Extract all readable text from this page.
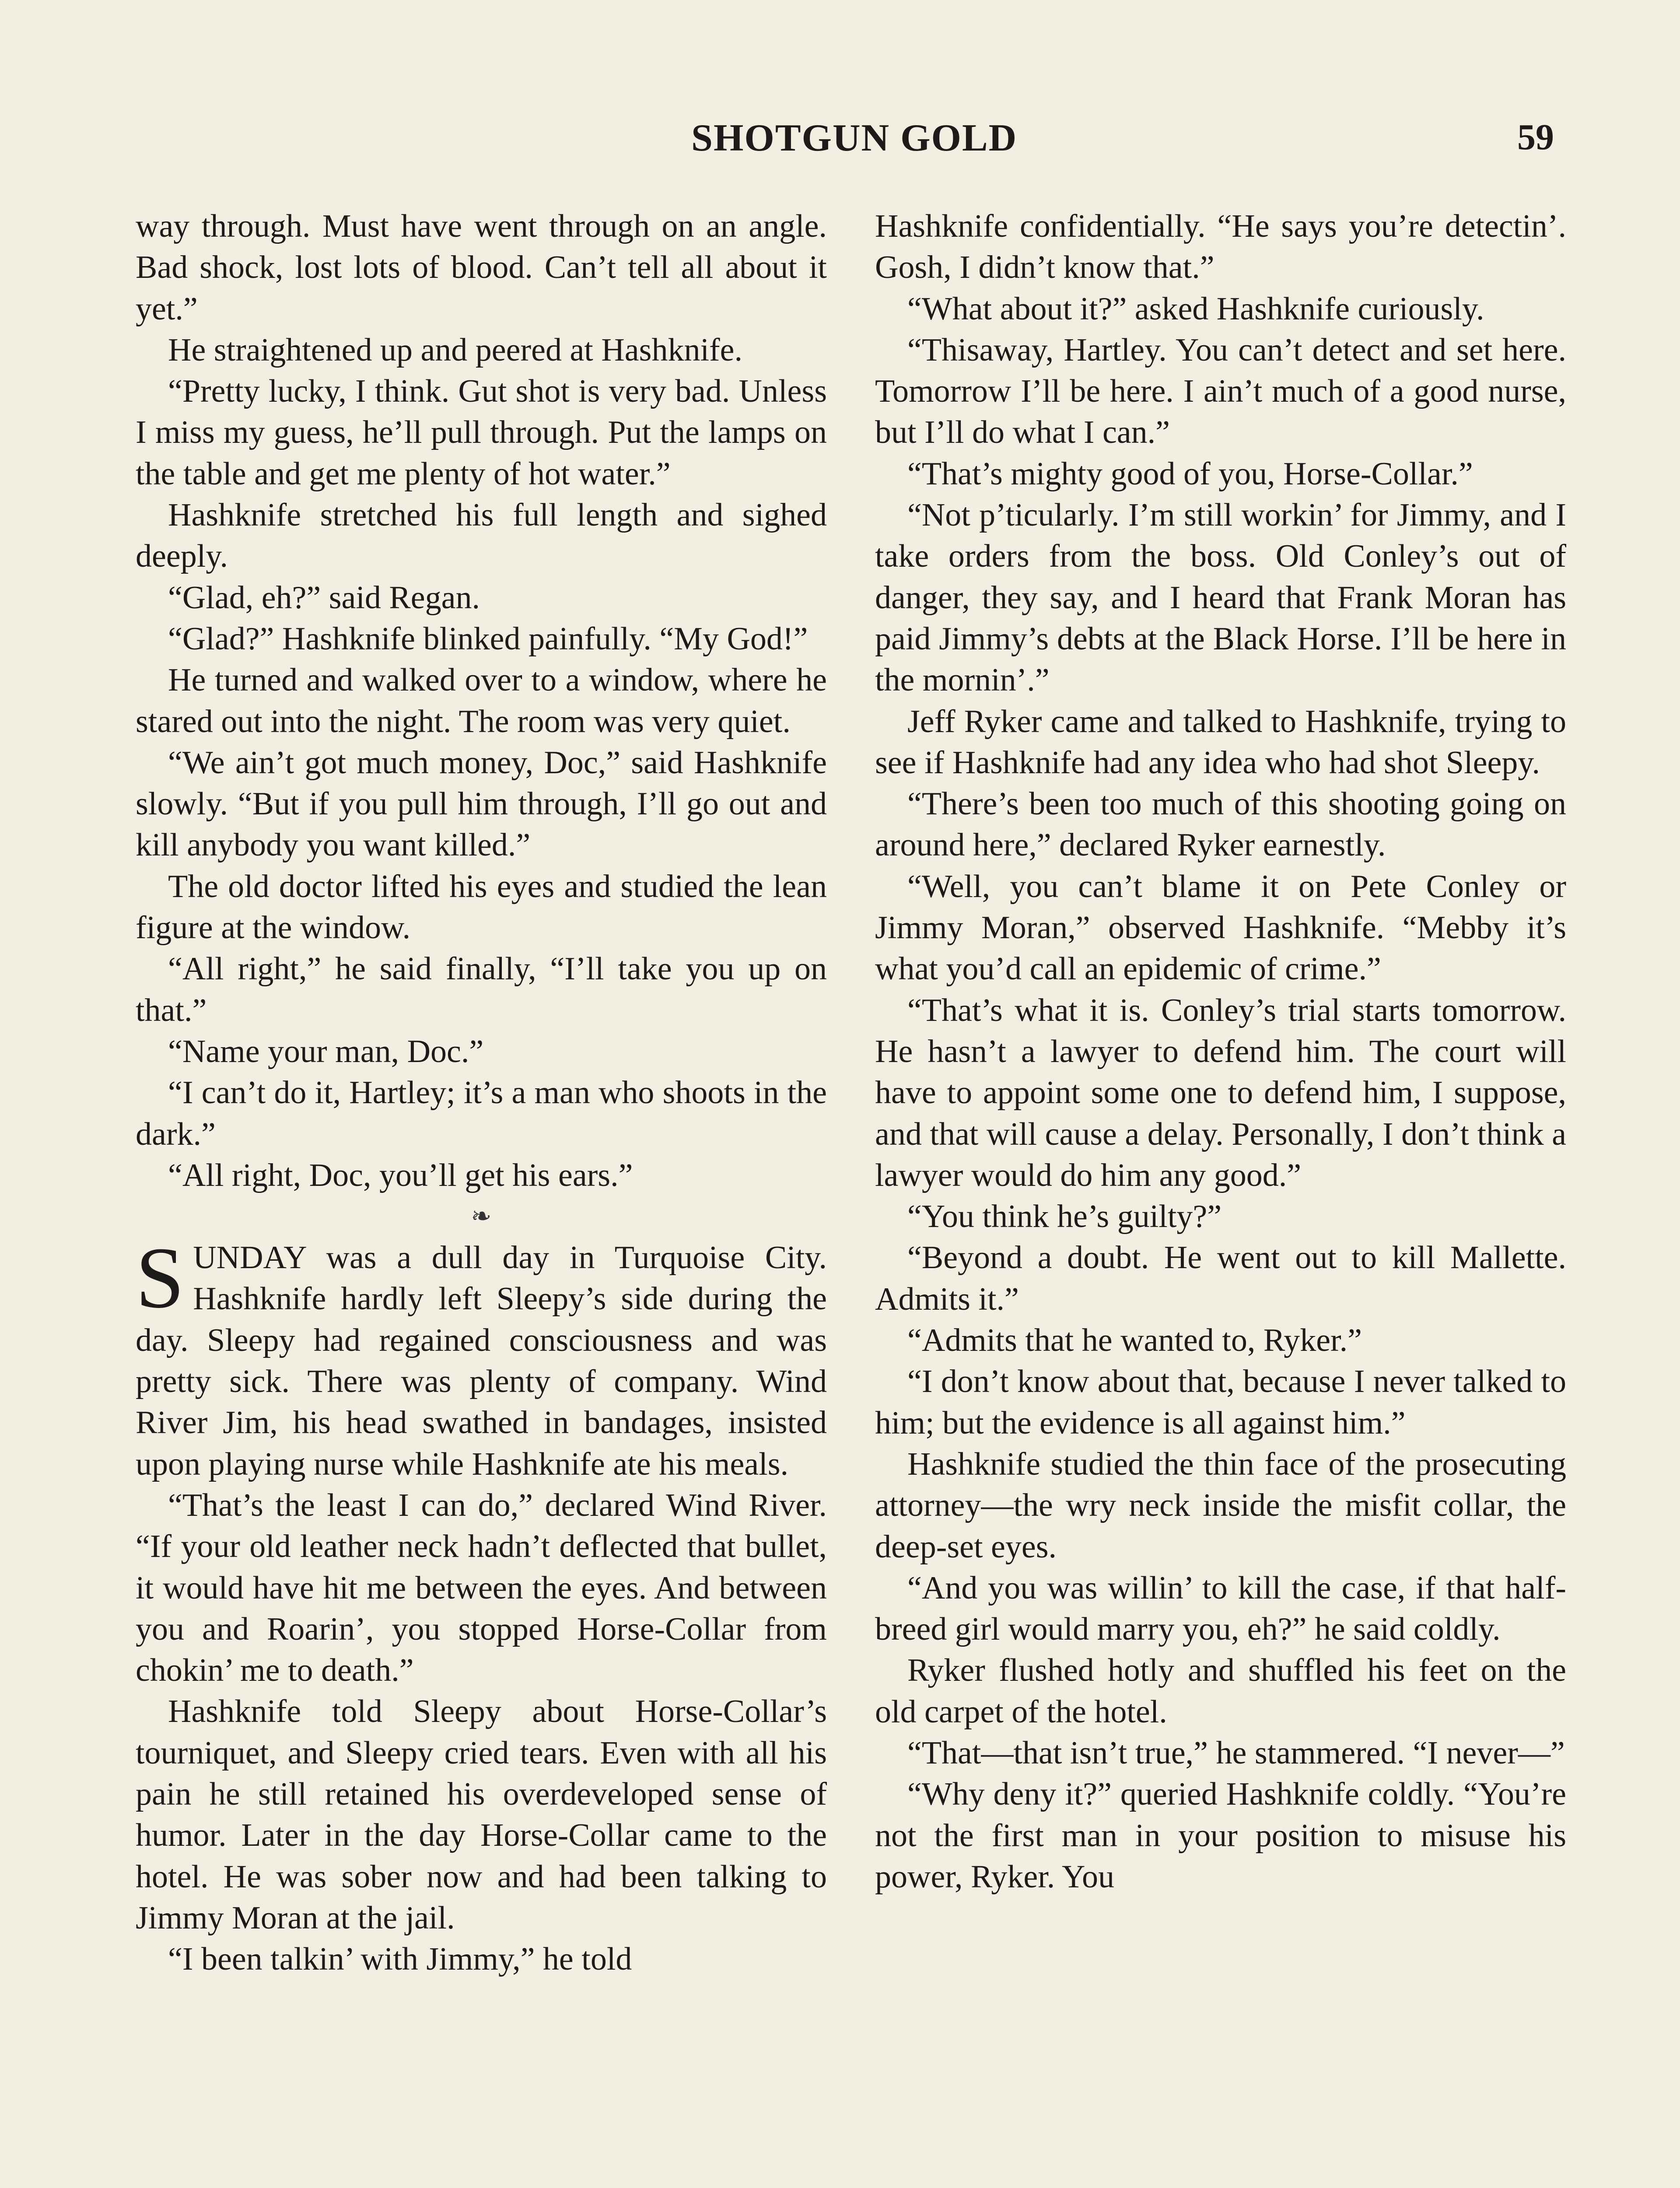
SHOTGUN GOLD	59

way through. Must have went through on an angle. Bad shock, lost lots of blood. Can’t tell all about it yet.”

He straightened up and peered at Hashknife.

“Pretty lucky, I think. Gut shot is very bad. Unless I miss my guess, he’ll pull through. Put the lamps on the table and get me plenty of hot water.”

Hashknife stretched his full length and sighed deeply.

“Glad, eh?” said Regan.

“Glad?” Hashknife blinked painfully. “My God!”

He turned and walked over to a window, where he stared out into the night. The room was very quiet.

“We ain’t got much money, Doc,” said Hashknife slowly. “But if you pull him through, I’ll go out and kill anybody you want killed.”

The old doctor lifted his eyes and studied the lean figure at the window.

“All right,” he said finally, “I’ll take you up on that.”

“Name your man, Doc.”

“I can’t do it, Hartley; it’s a man who shoots in the dark.”

“All right, Doc, you’ll get his ears.”

❧

SUNDAY was a dull day in Turquoise City. Hashknife hardly left Sleepy’s side during the day. Sleepy had regained consciousness and was pretty sick. There was plenty of company. Wind River Jim, his head swathed in bandages, insisted upon playing nurse while Hashknife ate his meals.

“That’s the least I can do,” declared Wind River. “If your old leather neck hadn’t deflected that bullet, it would have hit me between the eyes. And between you and Roarin’, you stopped Horse-Collar from chokin’ me to death.”

Hashknife told Sleepy about Horse-Collar’s tourniquet, and Sleepy cried tears. Even with all his pain he still retained his overdeveloped sense of humor. Later in the day Horse-Collar came to the hotel. He was sober now and had been talking to Jimmy Moran at the jail.

“I been talkin’ with Jimmy,” he told

Hashknife confidentially. “He says you’re detectin’. Gosh, I didn’t know that.”

“What about it?” asked Hashknife curiously.

“Thisaway, Hartley. You can’t detect and set here. Tomorrow I’ll be here. I ain’t much of a good nurse, but I’ll do what I can.”

“That’s mighty good of you, Horse-Collar.”

“Not p’ticularly. I’m still workin’ for Jimmy, and I take orders from the boss. Old Conley’s out of danger, they say, and I heard that Frank Moran has paid Jimmy’s debts at the Black Horse. I’ll be here in the mornin’.”

Jeff Ryker came and talked to Hashknife, trying to see if Hashknife had any idea who had shot Sleepy.

“There’s been too much of this shooting going on around here,” declared Ryker earnestly.

“Well, you can’t blame it on Pete Conley or Jimmy Moran,” observed Hashknife. “Mebby it’s what you’d call an epidemic of crime.”

“That’s what it is. Conley’s trial starts tomorrow. He hasn’t a lawyer to defend him. The court will have to appoint some one to defend him, I suppose, and that will cause a delay. Personally, I don’t think a lawyer would do him any good.”

“You think he’s guilty?”

“Beyond a doubt. He went out to kill Mallette. Admits it.”

“Admits that he wanted to, Ryker.”

“I don’t know about that, because I never talked to him; but the evidence is all against him.”

Hashknife studied the thin face of the prosecuting attorney—the wry neck inside the misfit collar, the deep-set eyes.

“And you was willin’ to kill the case, if that half-breed girl would marry you, eh?” he said coldly.

Ryker flushed hotly and shuffled his feet on the old carpet of the hotel.

“That—that isn’t true,” he stammered. “I never—”

“Why deny it?” queried Hashknife coldly. “You’re not the first man in your position to misuse his power, Ryker. You
